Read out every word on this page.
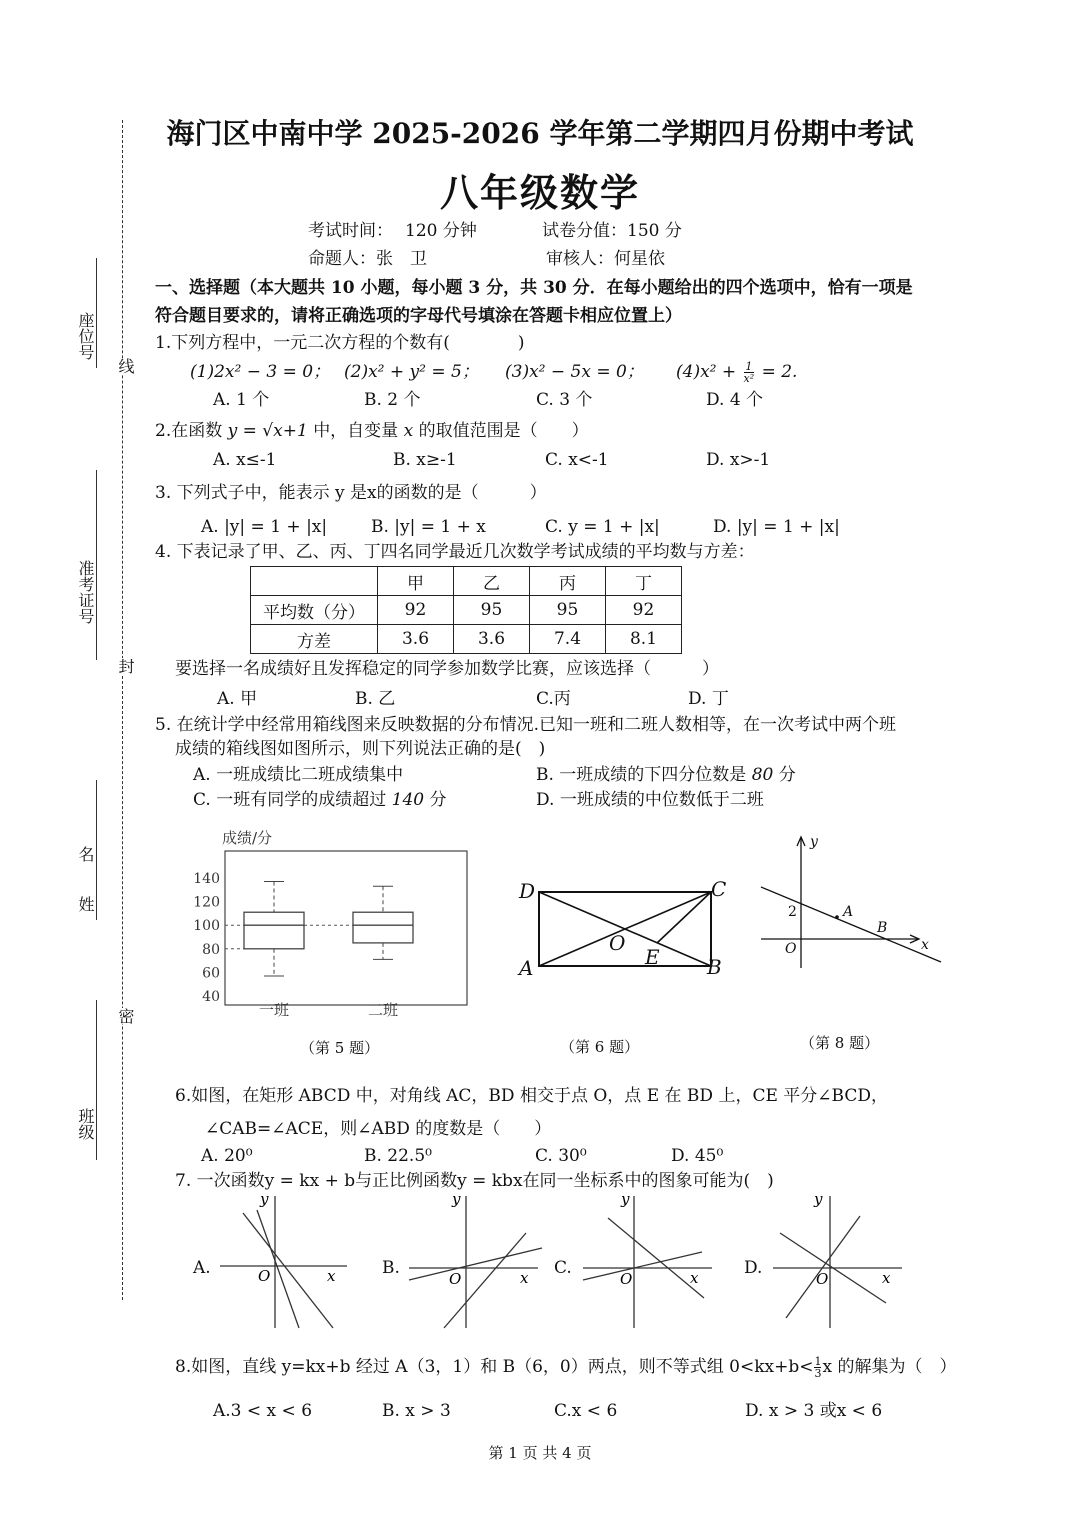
座位号
准考证号
姓
名
班级
线
封
密
海门区中南中学 2025-2026 学年第二学期四月份期中考试
八年级数学
考试时间： 120 分钟	试卷分值：150 分
命题人：张　卫	审核人：何星依
一、选择题（本大题共 10 小题，每小题 3 分，共 30 分．在每小题给出的四个选项中，恰有一项是
符合题目要求的，请将正确选项的字母代号填涂在答题卡相应位置上）
1.下列方程中，一元二次方程的个数有(　　　　)
(1)2x² − 3 = 0； (2)x² + y² = 5； (3)x² − 5x = 0； $(4)x^2 + \frac{1}{\text{x²}} = 2$.
A. 1 个	B. 2 个	C. 3 个	D. 4 个
2.在函数 y = √x+1 中，自变量 x 的取值范围是（　　）
A. x≤-1	B. x≥-1	C. x<-1	D. x>-1
3. 下列式子中，能表示 y 是x的函数的是（　　　）
A. |y| = 1 + |x|	B. |y| = 1 + x	C. y = 1 + |x|	D. |y| = 1 + |x|
4. 下表记录了甲、乙、丙、丁四名同学最近几次数学考试成绩的平均数与方差：
	甲	乙	丙	丁
平均数（分）	92	95	95	92
方差	3.6	3.6	7.4	8.1
要选择一名成绩好且发挥稳定的同学参加数学比赛，应该选择（　　　）
A. 甲	B. 乙	C.丙	D. 丁
5. 在统计学中经常用箱线图来反映数据的分布情况.已知一班和二班人数相等，在一次考试中两个班
成绩的箱线图如图所示，则下列说法正确的是(　)
A. 一班成绩比二班成绩集中	B. 一班成绩的下四分位数是 80 分
C. 一班有同学的成绩超过 140 分	D. 一班成绩的中位数低于二班
成绩/分
140
120
100
80
60
40
一班	二班
（第 5 题）
D	C
A	B
O
E
（第 6 题）
y
x
O
A
B
2
（第 8 题）
6.如图，在矩形 ABCD 中，对角线 AC，BD 相交于点 O，点 E 在 BD 上，CE 平分∠BCD，
∠CAB=∠ACE，则∠ABD 的度数是（　　）
A. 20⁰	B. 22.5⁰	C. 30⁰	D. 45⁰
7. 一次函数y = kx + b与正比例函数y = kbx在同一坐标系中的图象可能为(　)
A.
y
x
O	B.
y
x
O
C.
y
x
O
D.
y
x
O
8.如图，直线 y=kx+b 经过 A（3，1）和 B（6，0）两点，则不等式组 $0<kx+b< \frac{1}{3}$ x 的解集为（　）
A.3 < x < 6	B. x > 3	C.x < 6	D. x > 3 或x < 6
第 1 页 共 4 页
